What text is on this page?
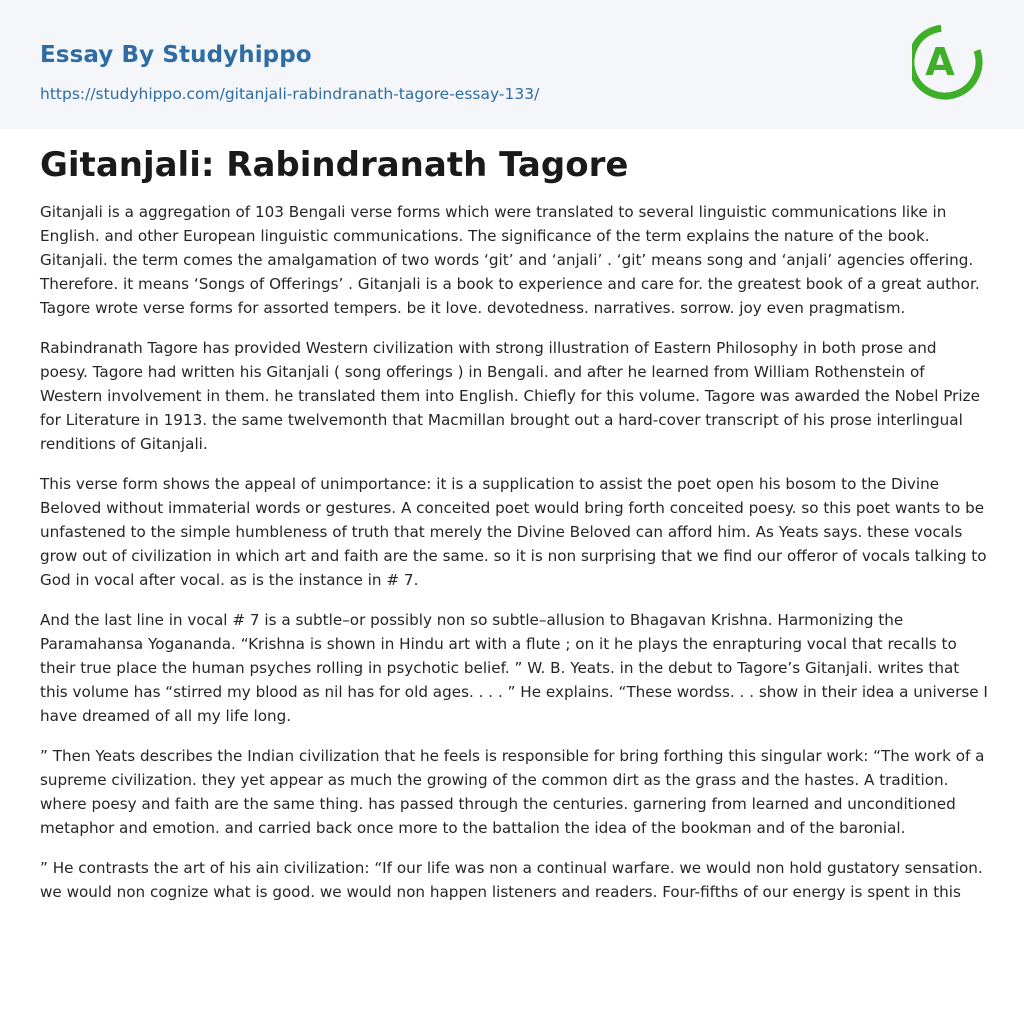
Essay By Studyhippo
https://studyhippo.com/gitanjali-rabindranath-tagore-essay-133/
A
Gitanjali: Rabindranath Tagore

Gitanjali is a aggregation of 103 Bengali verse forms which were translated to several linguistic communications like in English. and other European linguistic communications. The significance of the term explains the nature of the book. Gitanjali. the term comes the amalgamation of two words ‘git’ and ‘anjali’ . ‘git’ means song and ‘anjali’ agencies offering. Therefore. it means ‘Songs of Offerings’ . Gitanjali is a book to experience and care for. the greatest book of a great author. Tagore wrote verse forms for assorted tempers. be it love. devotedness. narratives. sorrow. joy even pragmatism.

Rabindranath Tagore has provided Western civilization with strong illustration of Eastern Philosophy in both prose and poesy. Tagore had written his Gitanjali ( song offerings ) in Bengali. and after he learned from William Rothenstein of Western involvement in them. he translated them into English. Chiefly for this volume. Tagore was awarded the Nobel Prize for Literature in 1913. the same twelvemonth that Macmillan brought out a hard-cover transcript of his prose interlingual renditions of Gitanjali.

This verse form shows the appeal of unimportance: it is a supplication to assist the poet open his bosom to the Divine Beloved without immaterial words or gestures. A conceited poet would bring forth conceited poesy. so this poet wants to be unfastened to the simple humbleness of truth that merely the Divine Beloved can afford him. As Yeats says. these vocals grow out of civilization in which art and faith are the same. so it is non surprising that we find our offeror of vocals talking to God in vocal after vocal. as is the instance in # 7.

And the last line in vocal # 7 is a subtle–or possibly non so subtle–allusion to Bhagavan Krishna. Harmonizing the Paramahansa Yogananda. “Krishna is shown in Hindu art with a flute ; on it he plays the enrapturing vocal that recalls to their true place the human psyches rolling in psychotic belief. ” W. B. Yeats. in the debut to Tagore’s Gitanjali. writes that this volume has “stirred my blood as nil has for old ages. . . . ” He explains. “These wordss. . . show in their idea a universe I have dreamed of all my life long.

” Then Yeats describes the Indian civilization that he feels is responsible for bring forthing this singular work: “The work of a supreme civilization. they yet appear as much the growing of the common dirt as the grass and the hastes. A tradition. where poesy and faith are the same thing. has passed through the centuries. garnering from learned and unconditioned metaphor and emotion. and carried back once more to the battalion the idea of the bookman and of the baronial.

” He contrasts the art of his ain civilization: “If our life was non a continual warfare. we would non hold gustatory sensation. we would non cognize what is good. we would non happen listeners and readers. Four-fifths of our energy is spent in this
